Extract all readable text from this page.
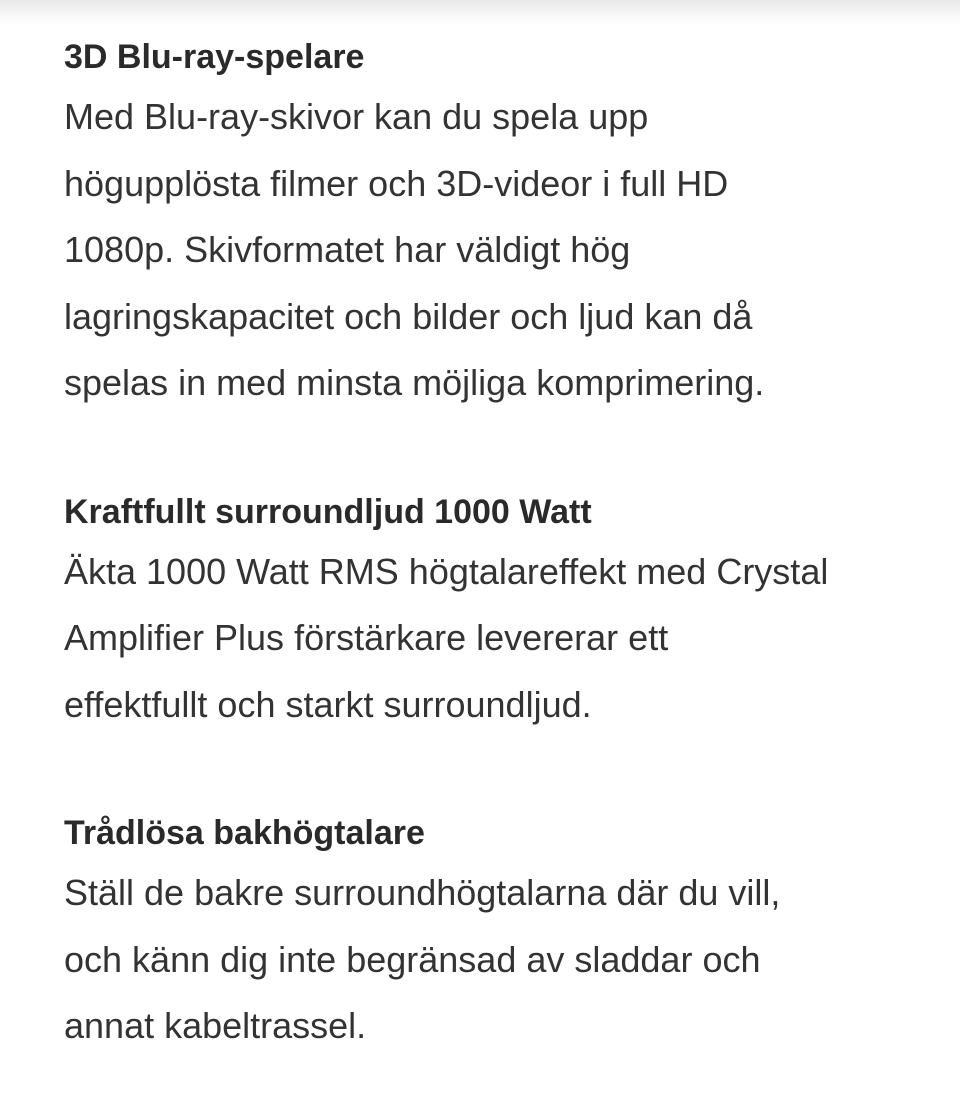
3D Blu-ray-spelare

Med Blu-ray-skivor kan du spela upp
högupplösta filmer och 3D-videor i full HD
1080p. Skivformatet har väldigt hög
lagringskapacitet och bilder och ljud kan då
spelas in med minsta möjliga komprimering.

Kraftfullt surroundljud 1000 Watt

Äkta 1000 Watt RMS högtalareffekt med Crystal
Amplifier Plus förstärkare levererar ett
effektfullt och starkt surroundljud.

Trådlösa bakhögtalare

Ställ de bakre surroundhögtalarna där du vill,
och känn dig inte begränsad av sladdar och
annat kabeltrassel.
